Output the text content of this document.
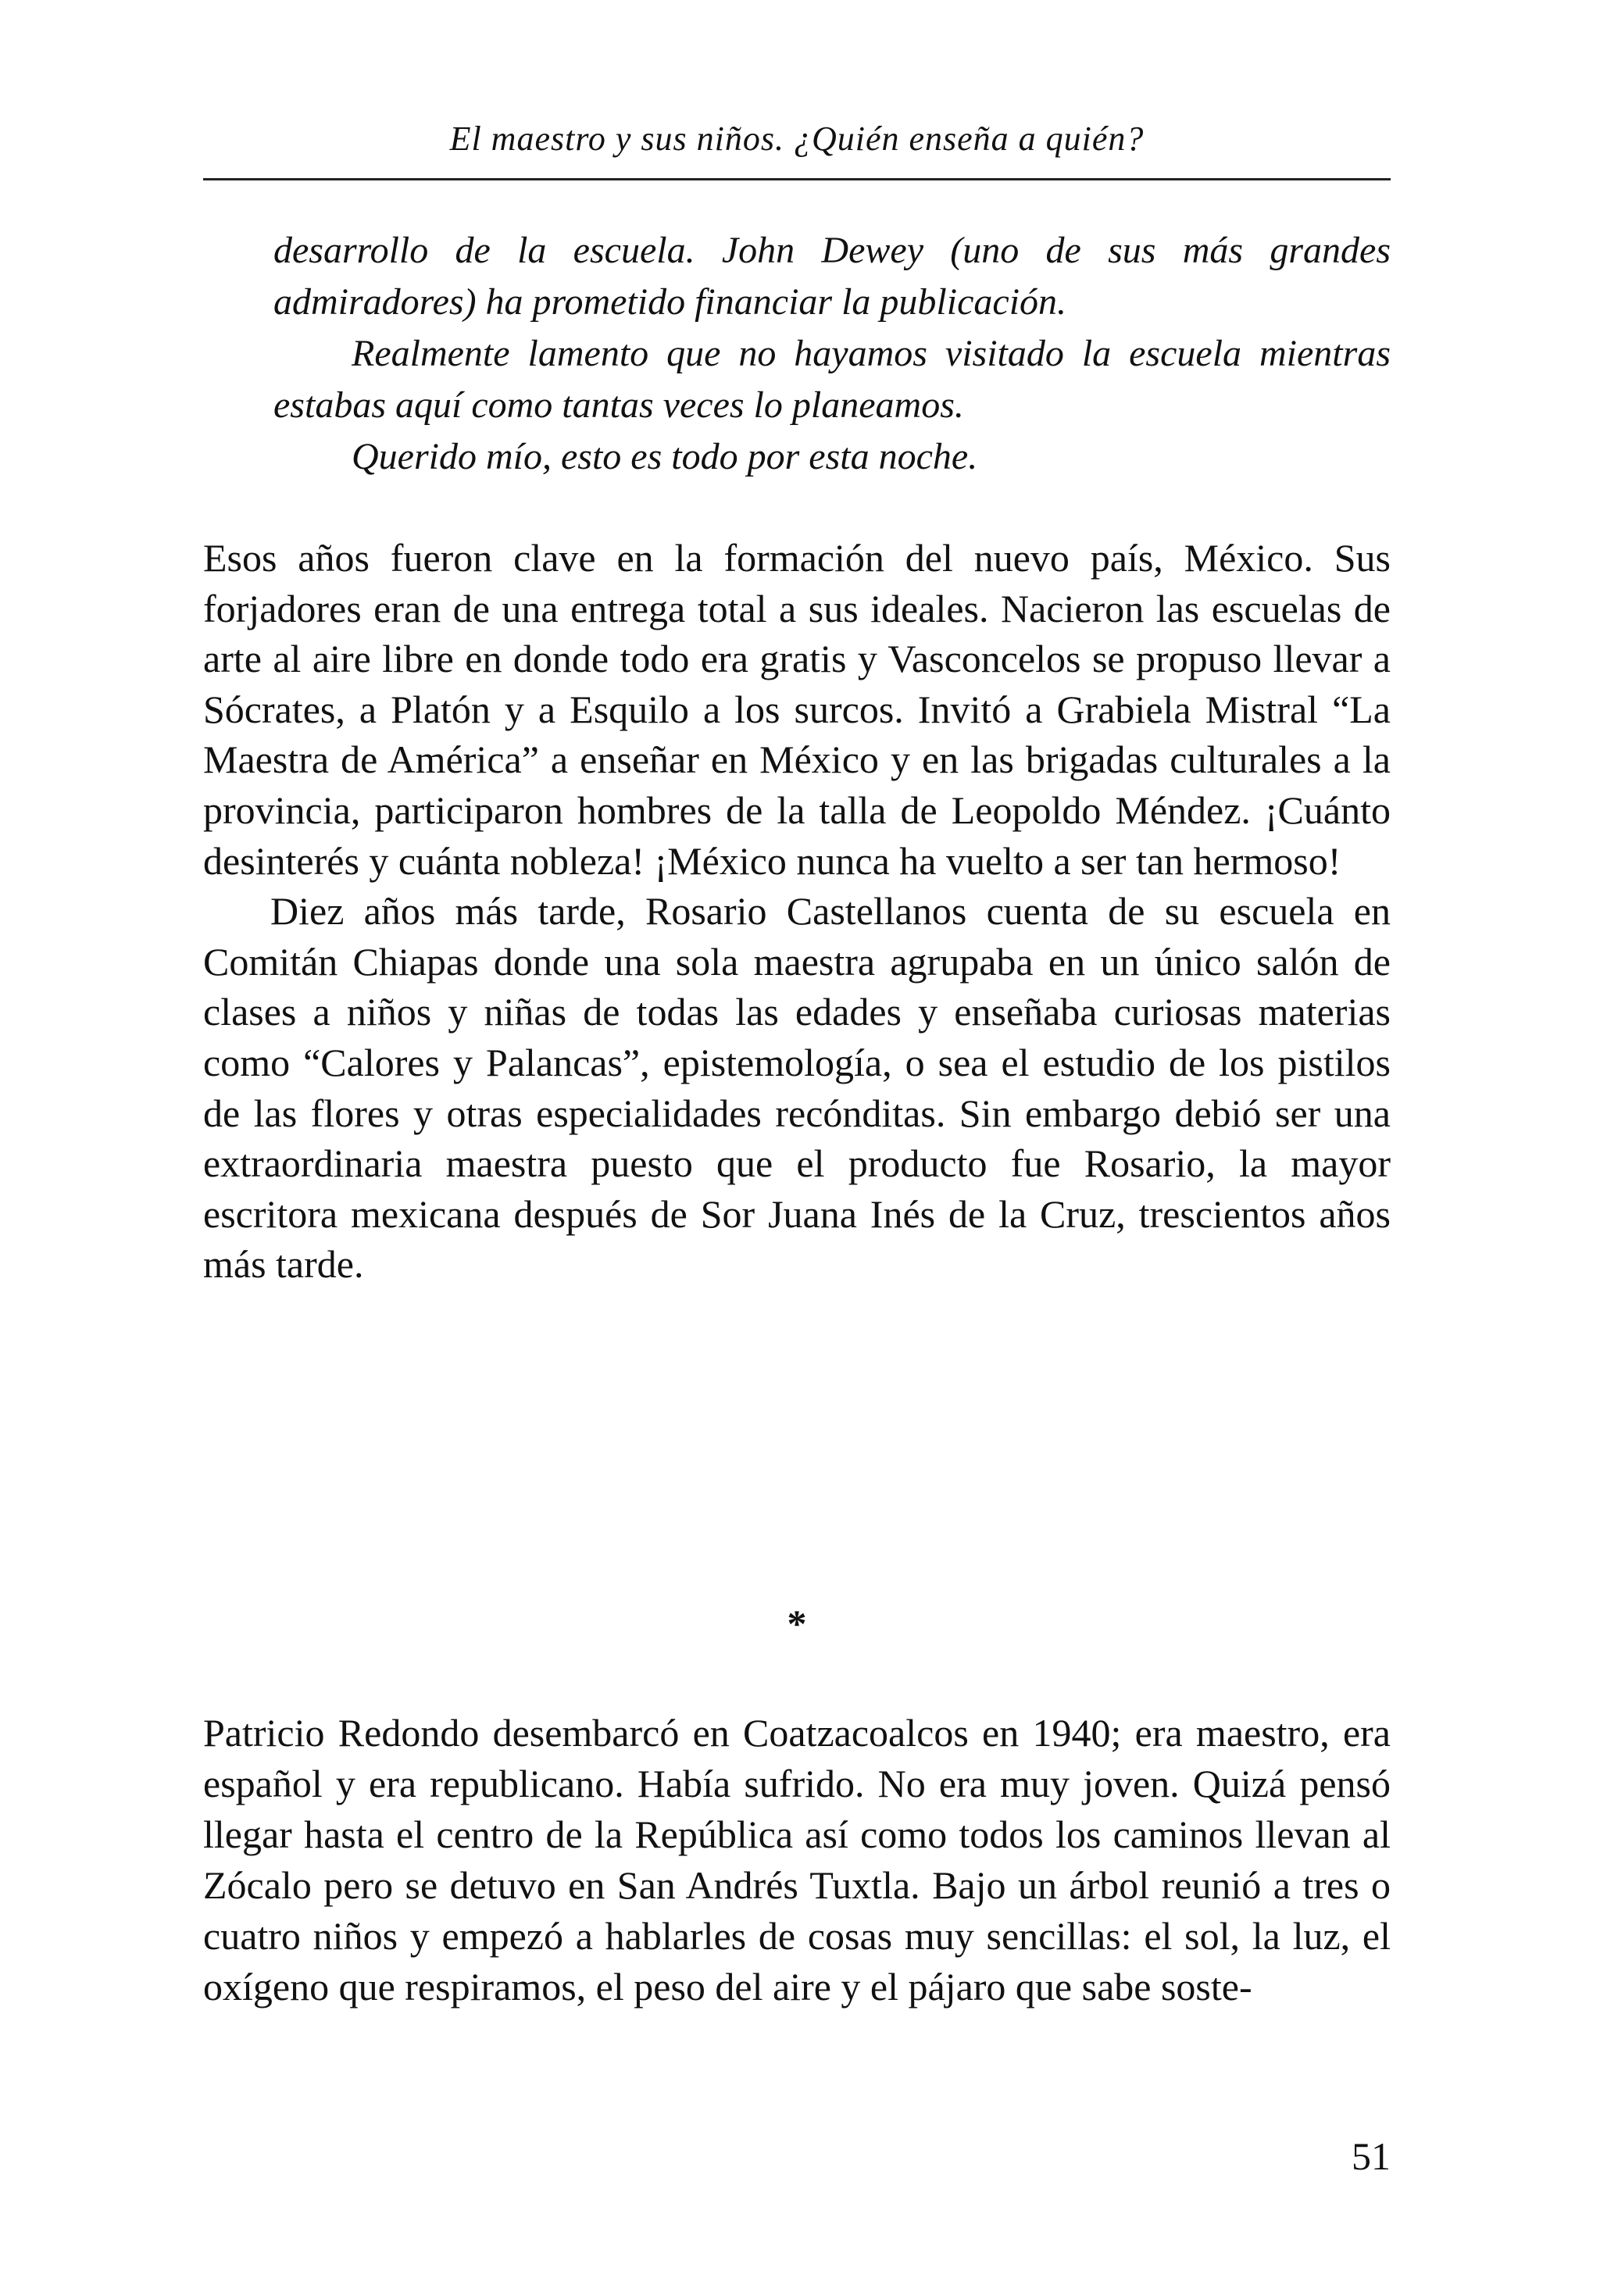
El maestro y sus niños. ¿Quién enseña a quién?

desarrollo de la escuela. John Dewey (uno de sus más grandes admiradores) ha prometido financiar la publicación.

Realmente lamento que no hayamos visitado la escuela mientras estabas aquí como tantas veces lo planeamos.

Querido mío, esto es todo por esta noche.

Esos años fueron clave en la formación del nuevo país, México. Sus forjadores eran de una entrega total a sus ideales. Nacieron las escuelas de arte al aire libre en donde todo era gratis y Vasconcelos se propuso llevar a Sócrates, a Platón y a Esquilo a los surcos. Invitó a Grabiela Mistral “La Maestra de América” a enseñar en México y en las brigadas culturales a la provincia, participaron hombres de la talla de Leopoldo Méndez. ¡Cuánto desinterés y cuánta nobleza! ¡México nunca ha vuelto a ser tan hermoso!

Diez años más tarde, Rosario Castellanos cuenta de su escuela en Comitán Chiapas donde una sola maestra agrupaba en un único salón de clases a niños y niñas de todas las edades y enseñaba curiosas materias como “Calores y Palancas”, epistemología, o sea el estudio de los pistilos de las flores y otras especialidades recónditas. Sin embargo debió ser una extraordinaria maestra puesto que el producto fue Rosario, la mayor escritora mexicana después de Sor Juana Inés de la Cruz, trescientos años más tarde.

*

Patricio Redondo desembarcó en Coatzacoalcos en 1940; era maestro, era español y era republicano. Había sufrido. No era muy joven. Quizá pensó llegar hasta el centro de la República así como todos los caminos llevan al Zócalo pero se detuvo en San Andrés Tuxtla. Bajo un árbol reunió a tres o cuatro niños y empezó a hablarles de cosas muy sencillas: el sol, la luz, el oxígeno que respiramos, el peso del aire y el pájaro que sabe soste-

51
